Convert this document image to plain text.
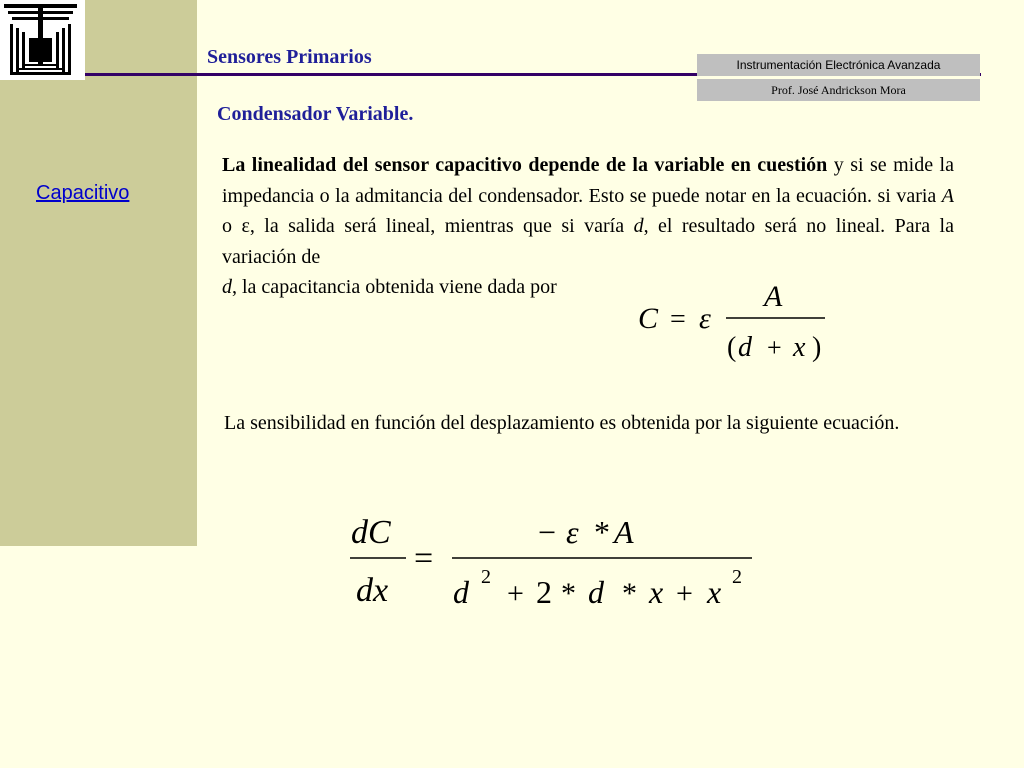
Sensores Primarios
Condensador Variable.
Instrumentación Electrónica Avanzada
Prof. José Andrickson Mora
Capacitivo
La linealidad del sensor capacitivo depende de la variable en cuestión y si se mide la impedancia o la admitancia del condensador. Esto se puede notar en la ecuación. si varia A o ε, la salida será lineal, mientras que si varía d, el resultado será no lineal. Para la variación de
d, la capacitancia obtenida viene dada por
C = ε
A
( d + x )
La sensibilidad en función del desplazamiento es obtenida por la siguiente ecuación.
dC
dx
=
− ε * A
d 2 + 2 * d * x + x 2
